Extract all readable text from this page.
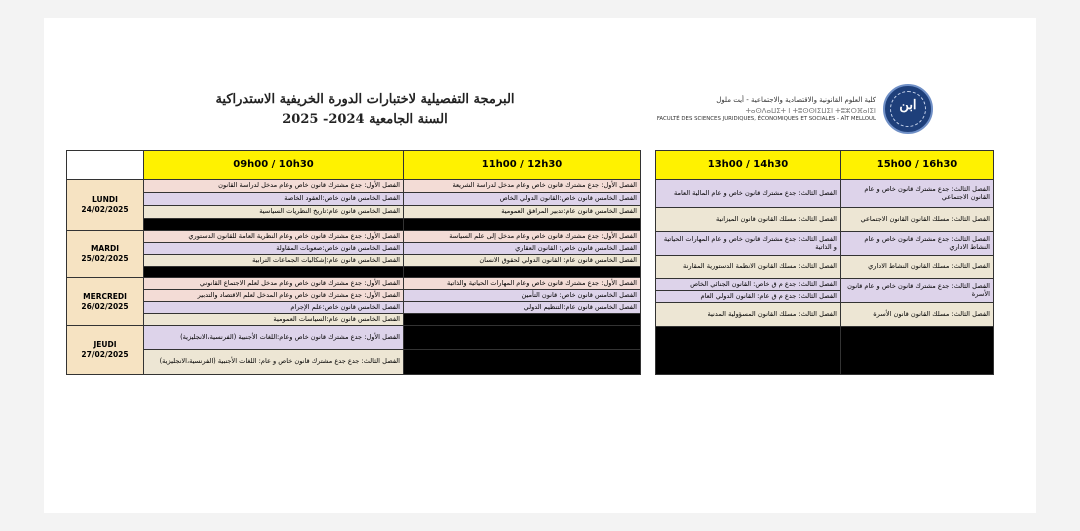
البرمجة التفصيلية لاختبارات الدورة الخريفية الاستدراكية
السنة الجامعية 2024- 2025
ابن
كلية العلوم القانونية والاقتصادية والاجتماعية - أيت ملول
ⵜⴰⵙⴷⴰⵡⵉⵜ ⵏ ⵜⵓⵙⵙⵏⵉⵡⵉⵏ ⵜⵓⵣⵔⴼⴰⵏⵉⵏ
FACULTÉ DES SCIENCES JURIDIQUES, ÉCONOMIQUES ET SOCIALES - AÏT MELLOUL
	09h00 / 10h30	11h00 / 12h30
LUNDI
24/02/2025	الفصل الأول: جدع مشترك قانون خاص وعام مدخل لدراسة القانون	الفصل الأول: جدع مشترك قانون خاص وعام مدخل لدراسة الشريعة
	الفصل الخامس قانون خاص:العقود الخاصة	الفصل الخامس قانون خاص:القانون الدولي الخاص
	الفصل الخامس قانون عام:تاريخ النظريات السياسية	الفصل الخامس قانون عام:تدبير المرافق العمومية

MARDI
25/02/2025	الفصل الأول: جدع مشترك قانون خاص وعام النظرية العامة للقانون الدستوري	الفصل الأول: جدع مشترك قانون خاص وعام مدخل إلى علم السياسة
	الفصل الخامس قانون خاص:صعوبات المقاولة	الفصل الخامس قانون خاص: القانون العقاري
	الفصل الخامس قانون عام:إشكاليات الجماعات الترابية	الفصل الخامس قانون عام: القانون الدولي لحقوق الانسان

MERCREDI
26/02/2025	الفصل الأول: جدع مشترك قانون خاص وعام مدخل لعلم الاجتماع القانوني	الفصل الأول: جدع مشترك قانون خاص وعام المهارات الحياتية والذاتية
	الفصل الأول: جدع مشترك قانون خاص وعام المدخل لعلم الاقتصاد والتدبير	الفصل الخامس قانون خاص: قانون التأمين
	الفصل الخامس قانون خاص:علم الإجرام	الفصل الخامس قانون عام:التنظيم الدولي
	الفصل الخامس قانون عام:السياسات العمومية	
JEUDI
27/02/2025	الفصل الأول: جدع مشترك قانون خاص وعام:اللغات الأجنبية (الفرنسية،الانجليزية)	
	الفصل الثالث: جدع جدع مشترك قانون خاص و عام: اللغات الأجنبية (الفرنسية،الانجليزية)	
13h00 / 14h30	15h00 / 16h30
الفصل الثالث: جدع مشترك قانون خاص و عام المالية العامة	الفصل الثالث: جدع مشترك قانون خاص و عام القانون الاجتماعي
الفصل الثالث: مسلك القانون قانون الميزانية	الفصل الثالث: مسلك القانون القانون الاجتماعي
الفصل الثالث: جدع مشترك قانون خاص و عام المهارات الحياتية و الذاتية	الفصل الثالث: جدع مشترك قانون خاص و عام النشاط الاداري
الفصل الثالث: مسلك القانون الانظمة الدستورية المقارنة	الفصل الثالث: مسلك القانون النشاط الاداري
الفصل الثالث: جدع م ق خاص: القانون الجنائي الخاص	الفصل الثالث: جدع مشترك قانون خاص و عام قانون الأسرة
الفصل الثالث: جدع م ق عام: القانون الدولي العام	
الفصل الثالث: مسلك القانون المسؤولية المدنية	الفصل الثالث: مسلك القانون قانون الأسرة
